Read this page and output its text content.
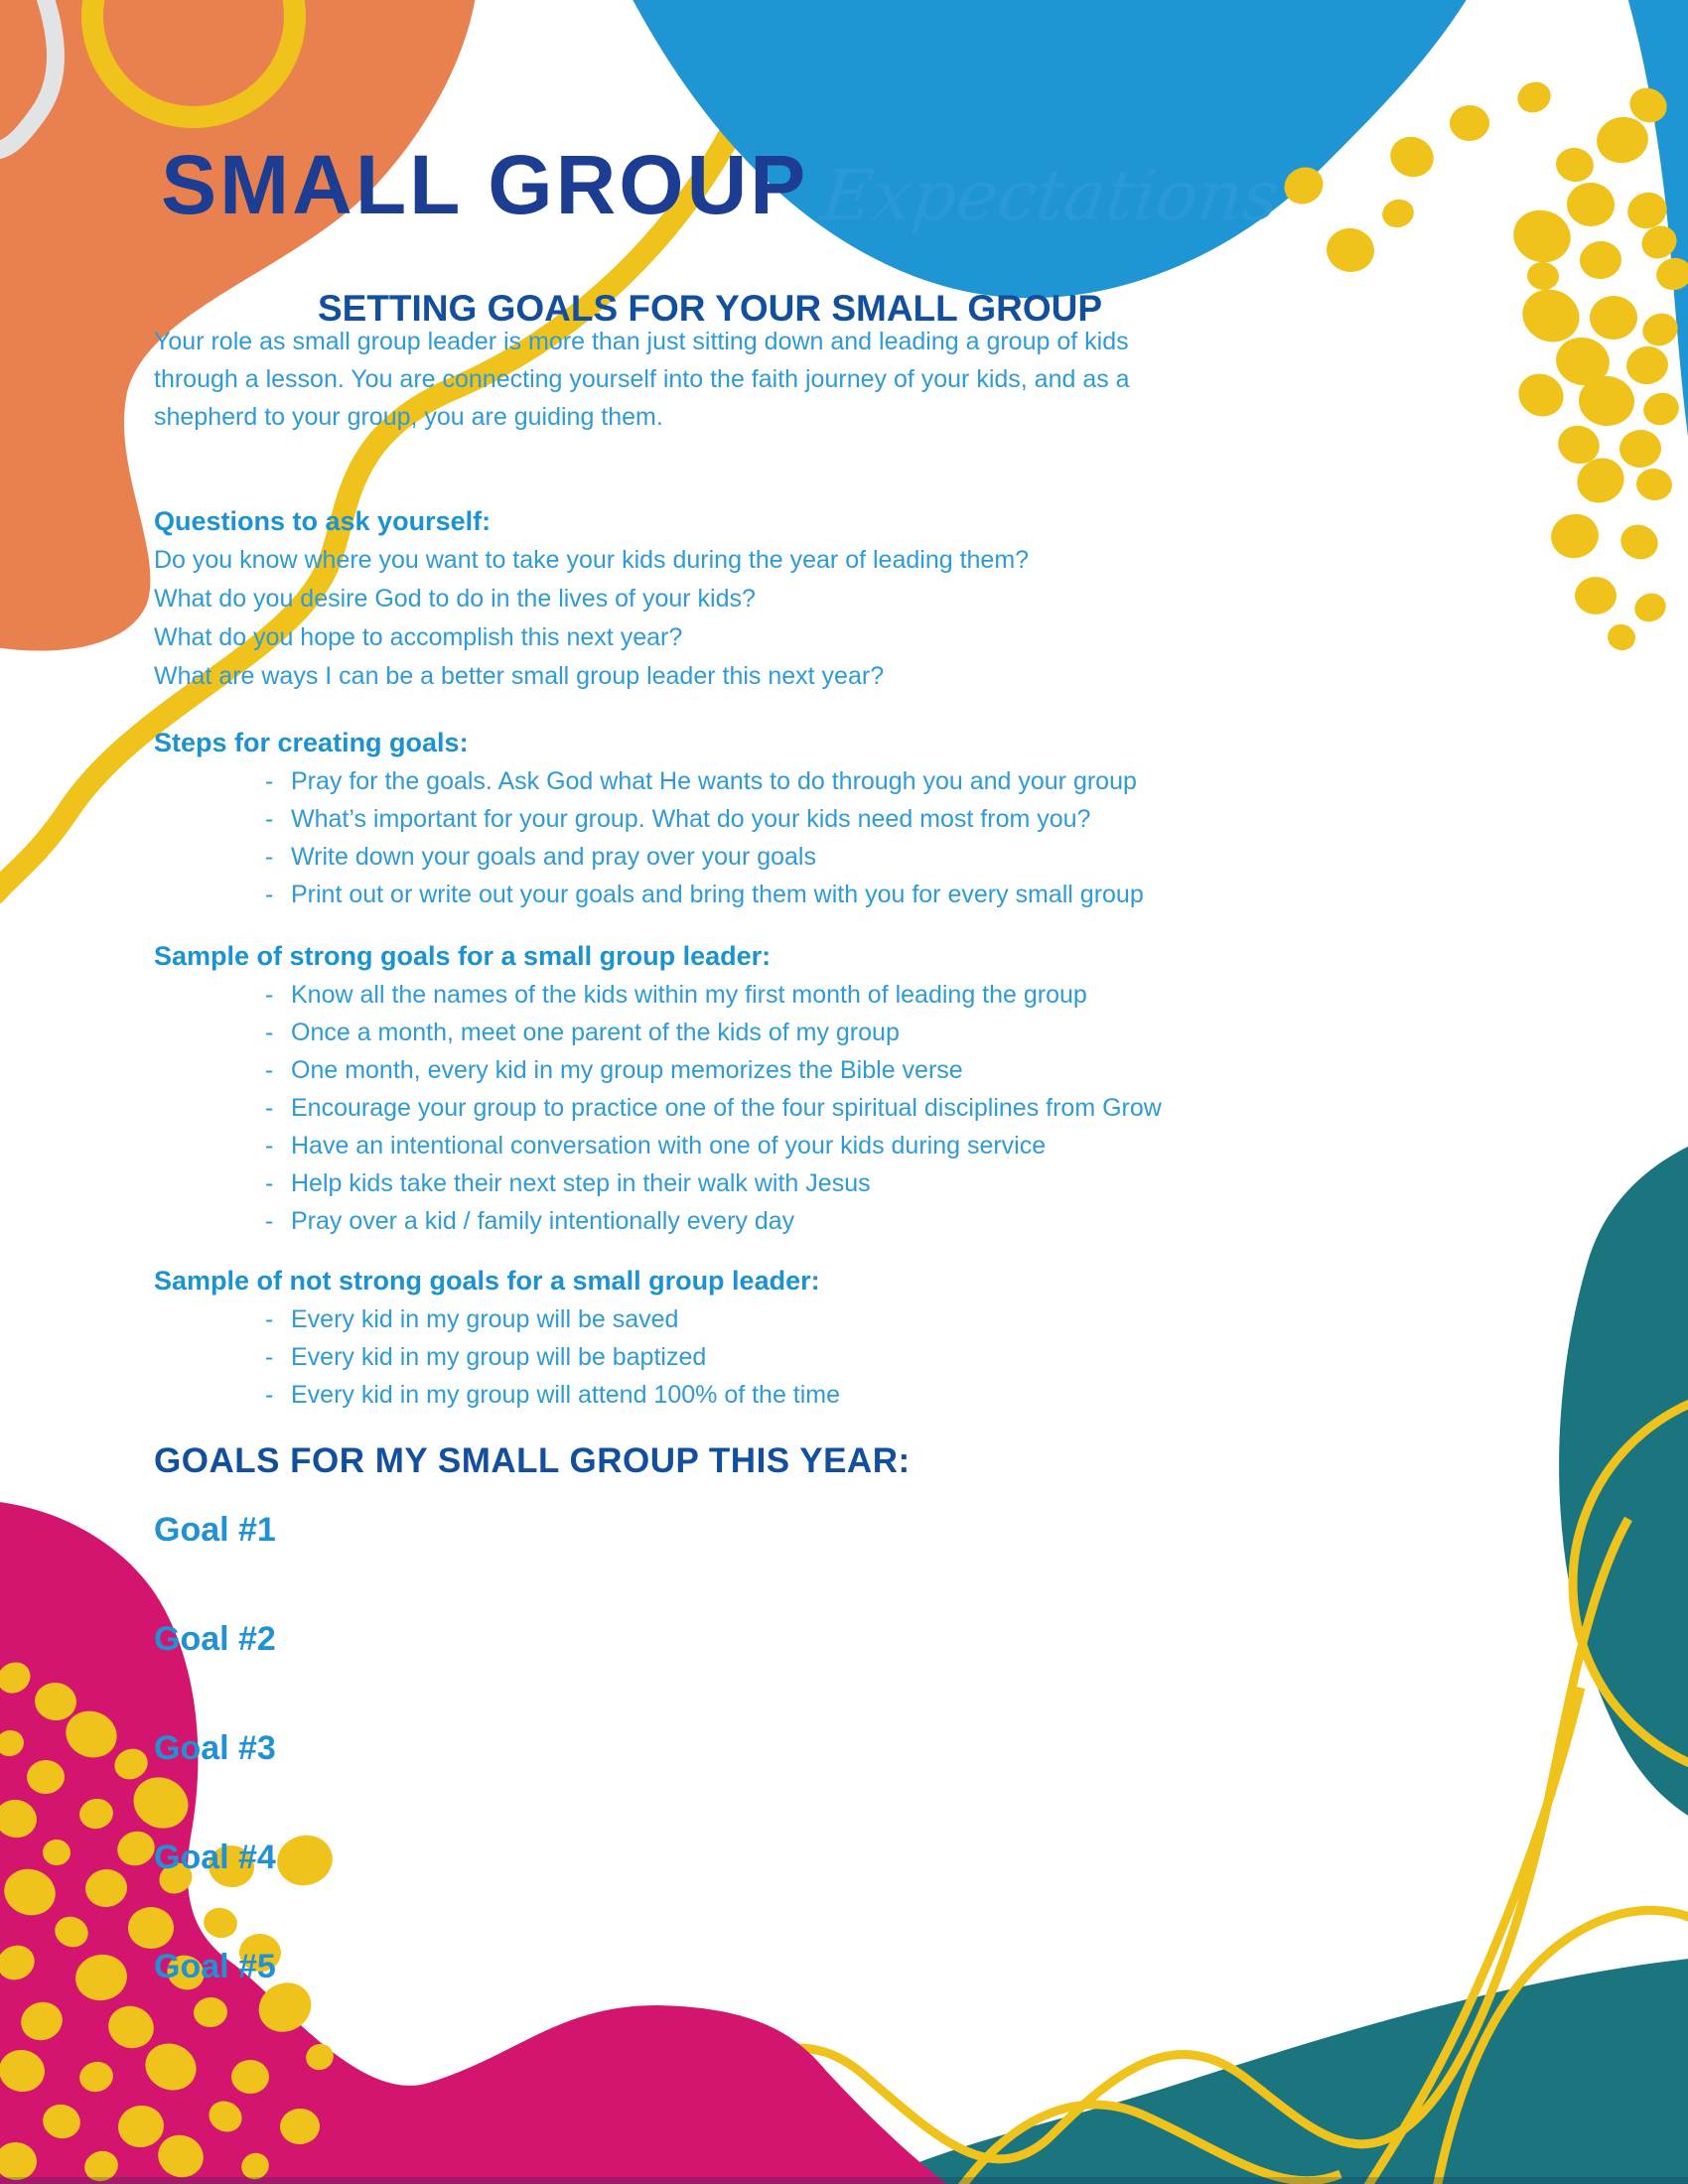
SMALL GROUP Expectations
SETTING GOALS FOR YOUR SMALL GROUP
Your role as small group leader is more than just sitting down and leading a group of kids
through a lesson. You are connecting yourself into the faith journey of your kids, and as a
shepherd to your group, you are guiding them.
Questions to ask yourself:
Do you know where you want to take your kids during the year of leading them?
What do you desire God to do in the lives of your kids?
What do you hope to accomplish this next year?
What are ways I can be a better small group leader this next year?
Steps for creating goals:
- Pray for the goals. Ask God what He wants to do through you and your group
- What’s important for your group. What do your kids need most from you?
- Write down your goals and pray over your goals
- Print out or write out your goals and bring them with you for every small group
Sample of strong goals for a small group leader:
- Know all the names of the kids within my first month of leading the group
- Once a month, meet one parent of the kids of my group
- One month, every kid in my group memorizes the Bible verse
- Encourage your group to practice one of the four spiritual disciplines from Grow
- Have an intentional conversation with one of your kids during service
- Help kids take their next step in their walk with Jesus
- Pray over a kid / family intentionally every day
Sample of not strong goals for a small group leader:
- Every kid in my group will be saved
- Every kid in my group will be baptized
- Every kid in my group will attend 100% of the time
GOALS FOR MY SMALL GROUP THIS YEAR:
Goal #1
Goal #2
Goal #3
Goal #4
Goal #5
